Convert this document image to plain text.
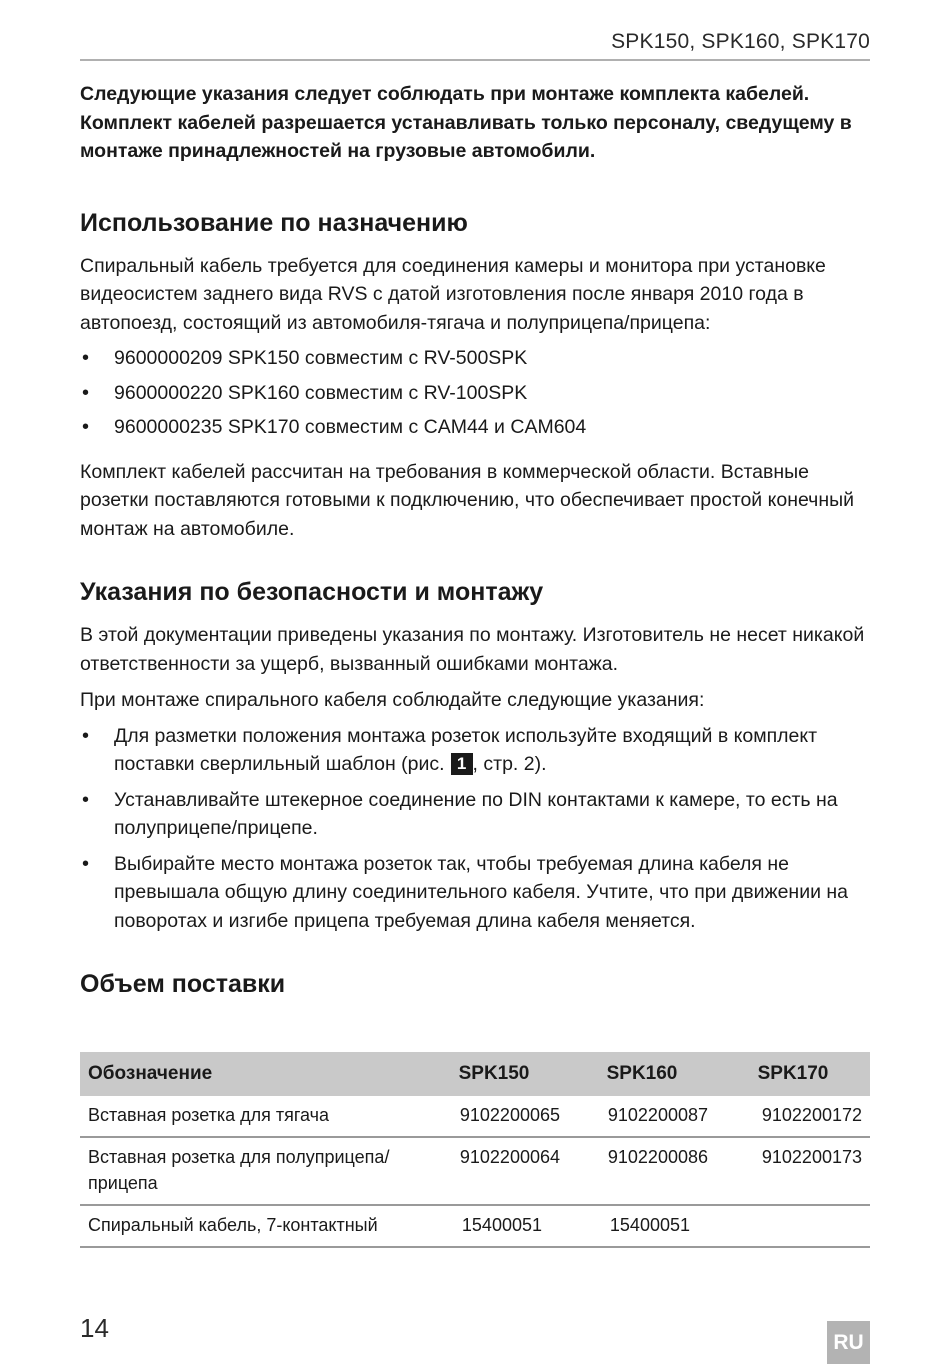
SPK150, SPK160, SPK170

Следующие указания следует соблюдать при монтаже комплекта кабелей. Комплект кабелей разрешается устанавливать только персоналу, сведущему в монтаже принадлежностей на грузовые автомобили.

Использование по назначению

Спиральный кабель требуется для соединения камеры и монитора при установке видеосистем заднего вида RVS с датой изготовления после января 2010 года в автопоезд, состоящий из автомобиля-тягача и полуприцепа/прицепа:

• 9600000209 SPK150 совместим с RV-500SPK
• 9600000220 SPK160 совместим с RV-100SPK
• 9600000235 SPK170 совместим с CAM44 и CAM604

Комплект кабелей рассчитан на требования в коммерческой области. Вставные розетки поставляются готовыми к подключению, что обеспечивает простой конечный монтаж на автомобиле.

Указания по безопасности и монтажу

В этой документации приведены указания по монтажу. Изготовитель не несет никакой ответственности за ущерб, вызванный ошибками монтажа.

При монтаже спирального кабеля соблюдайте следующие указания:

• Для разметки положения монтажа розеток используйте входящий в комплект поставки сверлильный шаблон (рис. 1 , стр. 2).
• Устанавливайте штекерное соединение по DIN контактами к камере, то есть на полуприцепе/прицепе.
• Выбирайте место монтажа розеток так, чтобы требуемая длина кабеля не превышала общую длину соединительного кабеля. Учтите, что при движении на поворотах и изгибе прицепа требуемая длина кабеля меняется.
Объем поставки
Обозначение	SPK150	SPK160	SPK170
Вставная розетка для тягача	9102200065	9102200087	9102200172
Вставная розетка для полуприцепа/прицепа	9102200064	9102200086	9102200173
Спиральный кабель, 7-контактный	15400051	15400051	
14	RU
